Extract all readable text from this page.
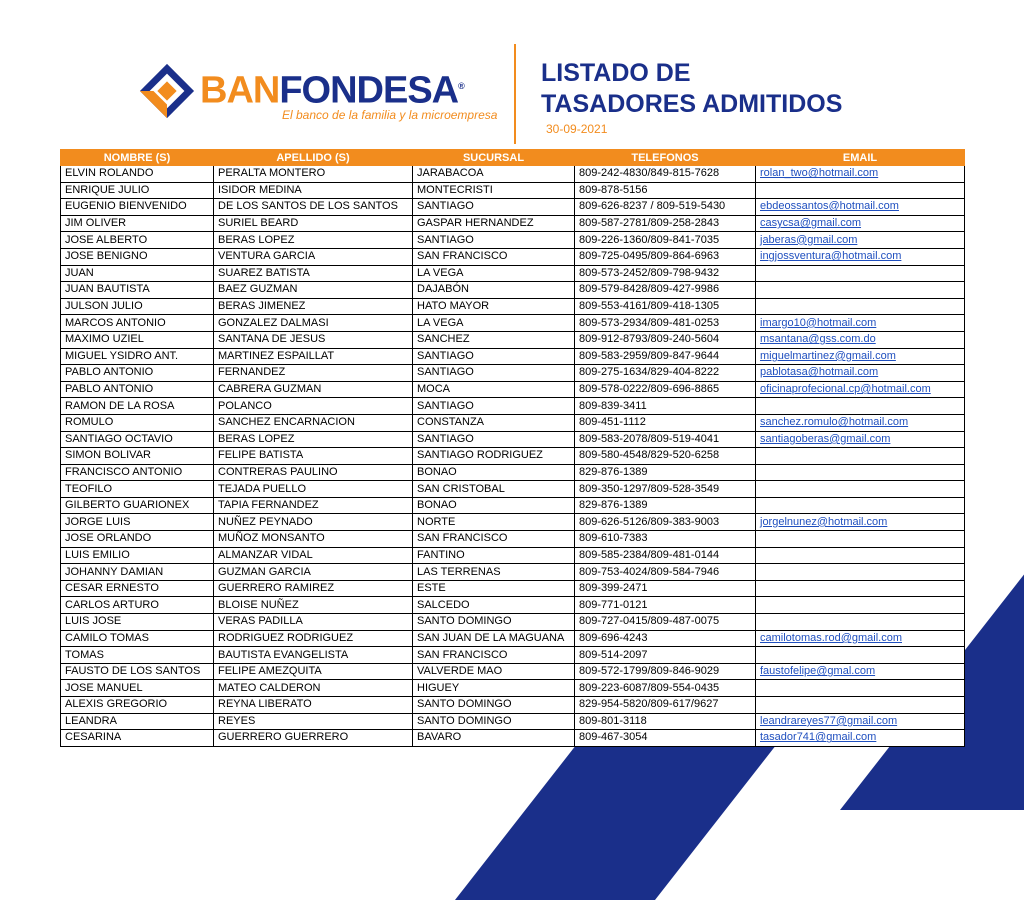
BANFONDESA®
El banco de la familia y la microempresa
LISTADO DE
TASADORES ADMITIDOS
30-09-2021
NOMBRE (S)	APELLIDO (S)	SUCURSAL	TELEFONOS	EMAIL
ELVIN ROLANDO	PERALTA MONTERO	JARABACOA	809-242-4830/849-815-7628	rolan_two@hotmail.com
ENRIQUE JULIO	ISIDOR MEDINA	MONTECRISTI	809-878-5156	
EUGENIO BIENVENIDO	DE LOS SANTOS DE LOS SANTOS	SANTIAGO	809-626-8237 / 809-519-5430	ebdeossantos@hotmail.com
JIM OLIVER	SURIEL BEARD	GASPAR HERNANDEZ	809-587-2781/809-258-2843	casycsa@gmail.com
JOSE ALBERTO	BERAS LOPEZ	SANTIAGO	809-226-1360/809-841-7035	jaberas@gmail.com
JOSE BENIGNO	VENTURA GARCIA	SAN FRANCISCO	809-725-0495/809-864-6963	ingjossventura@hotmail.com
JUAN	SUAREZ BATISTA	LA VEGA	809-573-2452/809-798-9432	
JUAN BAUTISTA	BAEZ GUZMAN	DAJABÓN	809-579-8428/809-427-9986	
JULSON JULIO	BERAS JIMENEZ	HATO MAYOR	809-553-4161/809-418-1305	
MARCOS ANTONIO	GONZALEZ DALMASI	LA VEGA	809-573-2934/809-481-0253	imargo10@hotmail.com
MAXIMO UZIEL	SANTANA DE JESUS	SANCHEZ	809-912-8793/809-240-5604	msantana@gss.com.do
MIGUEL YSIDRO ANT.	MARTINEZ ESPAILLAT	SANTIAGO	809-583-2959/809-847-9644	miguelmartinez@gmail.com
PABLO ANTONIO	FERNANDEZ	SANTIAGO	809-275-1634/829-404-8222	pablotasa@hotmail.com
PABLO ANTONIO	CABRERA GUZMAN	MOCA	809-578-0222/809-696-8865	oficinaprofecional.cp@hotmail.com
RAMON DE LA ROSA	POLANCO	SANTIAGO	809-839-3411	
ROMULO	SANCHEZ ENCARNACION	CONSTANZA	809-451-1112	sanchez.romulo@hotmail.com
SANTIAGO OCTAVIO	BERAS LOPEZ	SANTIAGO	809-583-2078/809-519-4041	santiagoberas@gmail.com
SIMON BOLIVAR	FELIPE BATISTA	SANTIAGO RODRIGUEZ	809-580-4548/829-520-6258	
FRANCISCO ANTONIO	CONTRERAS PAULINO	BONAO	829-876-1389	
TEOFILO	TEJADA PUELLO	SAN CRISTOBAL	809-350-1297/809-528-3549	
GILBERTO GUARIONEX	TAPIA FERNANDEZ	BONAO	829-876-1389	
JORGE LUIS	NUÑEZ PEYNADO	NORTE	809-626-5126/809-383-9003	jorgelnunez@hotmail.com
JOSE ORLANDO	MUÑOZ MONSANTO	SAN FRANCISCO	809-610-7383	
LUIS EMILIO	ALMANZAR VIDAL	FANTINO	809-585-2384/809-481-0144	
JOHANNY DAMIAN	GUZMAN GARCIA	LAS TERRENAS	809-753-4024/809-584-7946	
CESAR ERNESTO	GUERRERO RAMIREZ	ESTE	809-399-2471	
CARLOS ARTURO	BLOISE NUÑEZ	SALCEDO	809-771-0121	
LUIS JOSE	VERAS PADILLA	SANTO DOMINGO	809-727-0415/809-487-0075	
CAMILO TOMAS	RODRIGUEZ RODRIGUEZ	SAN JUAN DE LA MAGUANA	809-696-4243	camilotomas.rod@gmail.com
TOMAS	BAUTISTA EVANGELISTA	SAN FRANCISCO	809-514-2097	
FAUSTO DE LOS SANTOS	FELIPE AMEZQUITA	VALVERDE MAO	809-572-1799/809-846-9029	faustofelipe@gmal.com
JOSE MANUEL	MATEO CALDERON	HIGUEY	809-223-6087/809-554-0435	
ALEXIS GREGORIO	REYNA LIBERATO	SANTO DOMINGO	829-954-5820/809-617/9627	
LEANDRA	REYES	SANTO DOMINGO	809-801-3118	leandrareyes77@gmail.com
CESARINA	GUERRERO GUERRERO	BAVARO	809-467-3054	tasador741@gmail.com
